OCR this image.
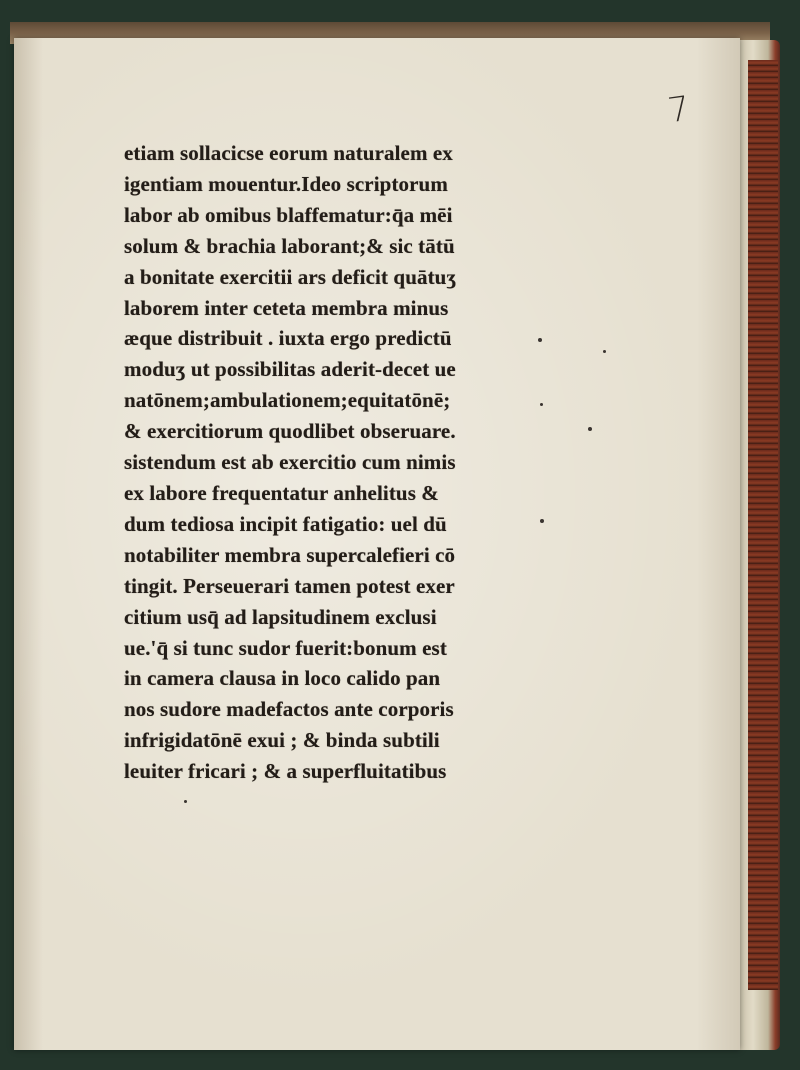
7
etiam sollacicse eorum naturalem ex
igentiam mouentur.Ideo scriptorum
labor ab omibus blaffematur:q̄a mēi
solum & brachia laborant;& sic tātū
a bonitate exercitii ars deficit quātuʒ
laborem inter ceteta membra minus
æque distribuit . iuxta ergo predictū
moduʒ ut possibilitas aderit-decet ue
natōnem;ambulationem;equitatōnē;
& exercitiorum quodlibet obseruare.
sistendum est ab exercitio cum nimis
ex labore frequentatur anhelitus &
dum tediosa incipit fatigatio: uel dū
notabiliter membra supercalefieri cō
tingit. Perseuerari tamen potest exer
citium usq̄ ad lapsitudinem exclusi
ue.'q̄ si tunc sudor fuerit:bonum est
in camera clausa in loco calido pan
nos sudore madefactos ante corporis
infrigidatōnē exui ; & binda subtili
leuiter fricari ; & a superfluitatibus
